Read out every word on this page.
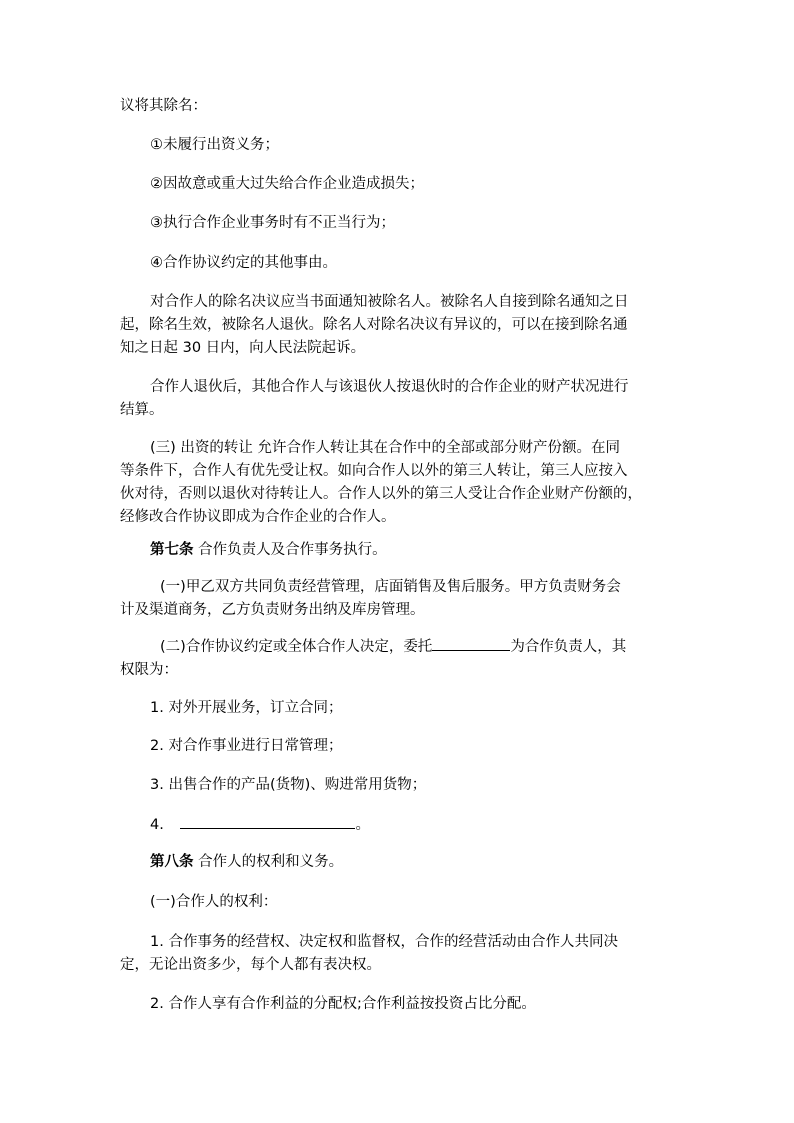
议将其除名：

①未履行出资义务；

②因故意或重大过失给合作企业造成损失；

③执行合作企业事务时有不正当行为；

④合作协议约定的其他事由。

对合作人的除名决议应当书面通知被除名人。被除名人自接到除名通知之日

起，除名生效，被除名人退伙。除名人对除名决议有异议的，可以在接到除名通

知之日起 30 日内，向人民法院起诉。

合作人退伙后，其他合作人与该退伙人按退伙时的合作企业的财产状况进行

结算。

(三) 出资的转让 允许合作人转让其在合作中的全部或部分财产份额。在同

等条件下，合作人有优先受让权。如向合作人以外的第三人转让，第三人应按入

伙对待，否则以退伙对待转让人。合作人以外的第三人受让合作企业财产份额的，

经修改合作协议即成为合作企业的合作人。

第七条 合作负责人及合作事务执行。

(一)甲乙双方共同负责经营管理，店面销售及售后服务。甲方负责财务会

计及渠道商务，乙方负责财务出纳及库房管理。

(二)合作协议约定或全体合作人决定，委托	为合作负责人，其

权限为：

1. 对外开展业务，订立合同；

2. 对合作事业进行日常管理；

3. 出售合作的产品(货物)、购进常用货物；

4.	。

第八条 合作人的权利和义务。

(一)合作人的权利：

1. 合作事务的经营权、决定权和监督权，合作的经营活动由合作人共同决

定，无论出资多少，每个人都有表决权。

2. 合作人享有合作利益的分配权;合作利益按投资占比分配。
